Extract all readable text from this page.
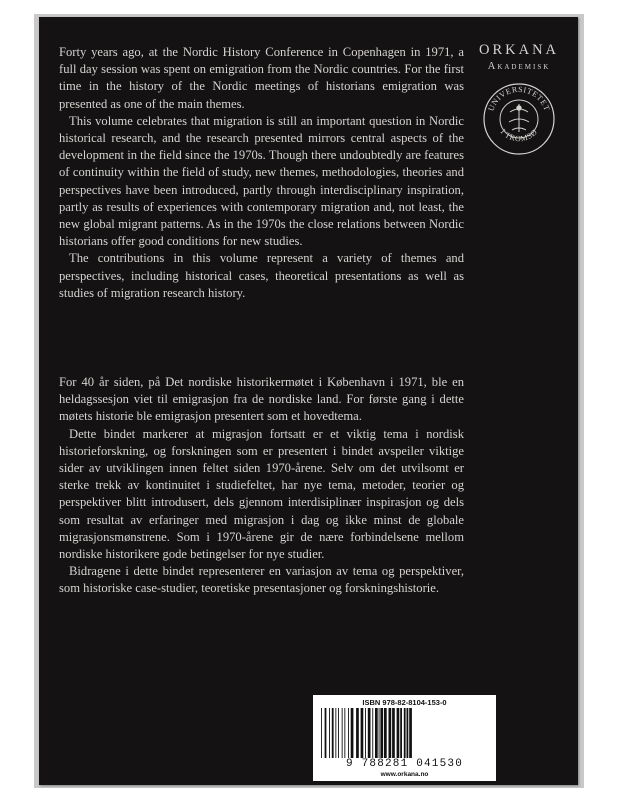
Forty years ago, at the Nordic History Conference in Copenhagen in 1971, a full day session was spent on emigration from the Nordic countries. For the first time in the history of the Nordic meetings of historians emigration was presented as one of the main themes.

This volume celebrates that migration is still an important question in Nordic historical research, and the research presented mirrors central aspects of the development in the field since the 1970s. Though there undoubtedly are features of continuity within the field of study, new themes, methodologies, theories and perspectives have been introduced, partly through interdisciplinary inspiration, partly as results of experiences with contemporary migration and, not least, the new global migrant patterns. As in the 1970s the close relations between Nordic historians offer good conditions for new studies.

The contributions in this volume represent a variety of themes and perspectives, including historical cases, theoretical presentations as well as studies of migration research history.

For 40 år siden, på Det nordiske historikermøtet i København i 1971, ble en heldagssesjon viet til emigrasjon fra de nordiske land. For første gang i dette møtets historie ble emigrasjon presentert som et hovedtema.

Dette bindet markerer at migrasjon fortsatt er et viktig tema i nordisk historieforskning, og forskningen som er presentert i bindet avspeiler viktige sider av utviklingen innen feltet siden 1970-årene. Selv om det utvilsomt er sterke trekk av kontinuitet i studiefeltet, har nye tema, metoder, teorier og perspektiver blitt introdusert, dels gjennom interdisiplinær inspirasjon og dels som resultat av erfaringer med migrasjon i dag og ikke minst de globale migrasjonsmønstrene. Som i 1970-årene gir de nære forbindelsene mellom nordiske historikere gode betingelser for nye studier.

Bidragene i dette bindet representerer en variasjon av tema og perspektiver, som historiske case-studier, teoretiske presentasjoner og forskningshistorie.

ORKANA
Akademisk
UNIVERSITETET
I TROMSØ
ISBN 978-82-8104-153-0
9 788281 041530
www.orkana.no
